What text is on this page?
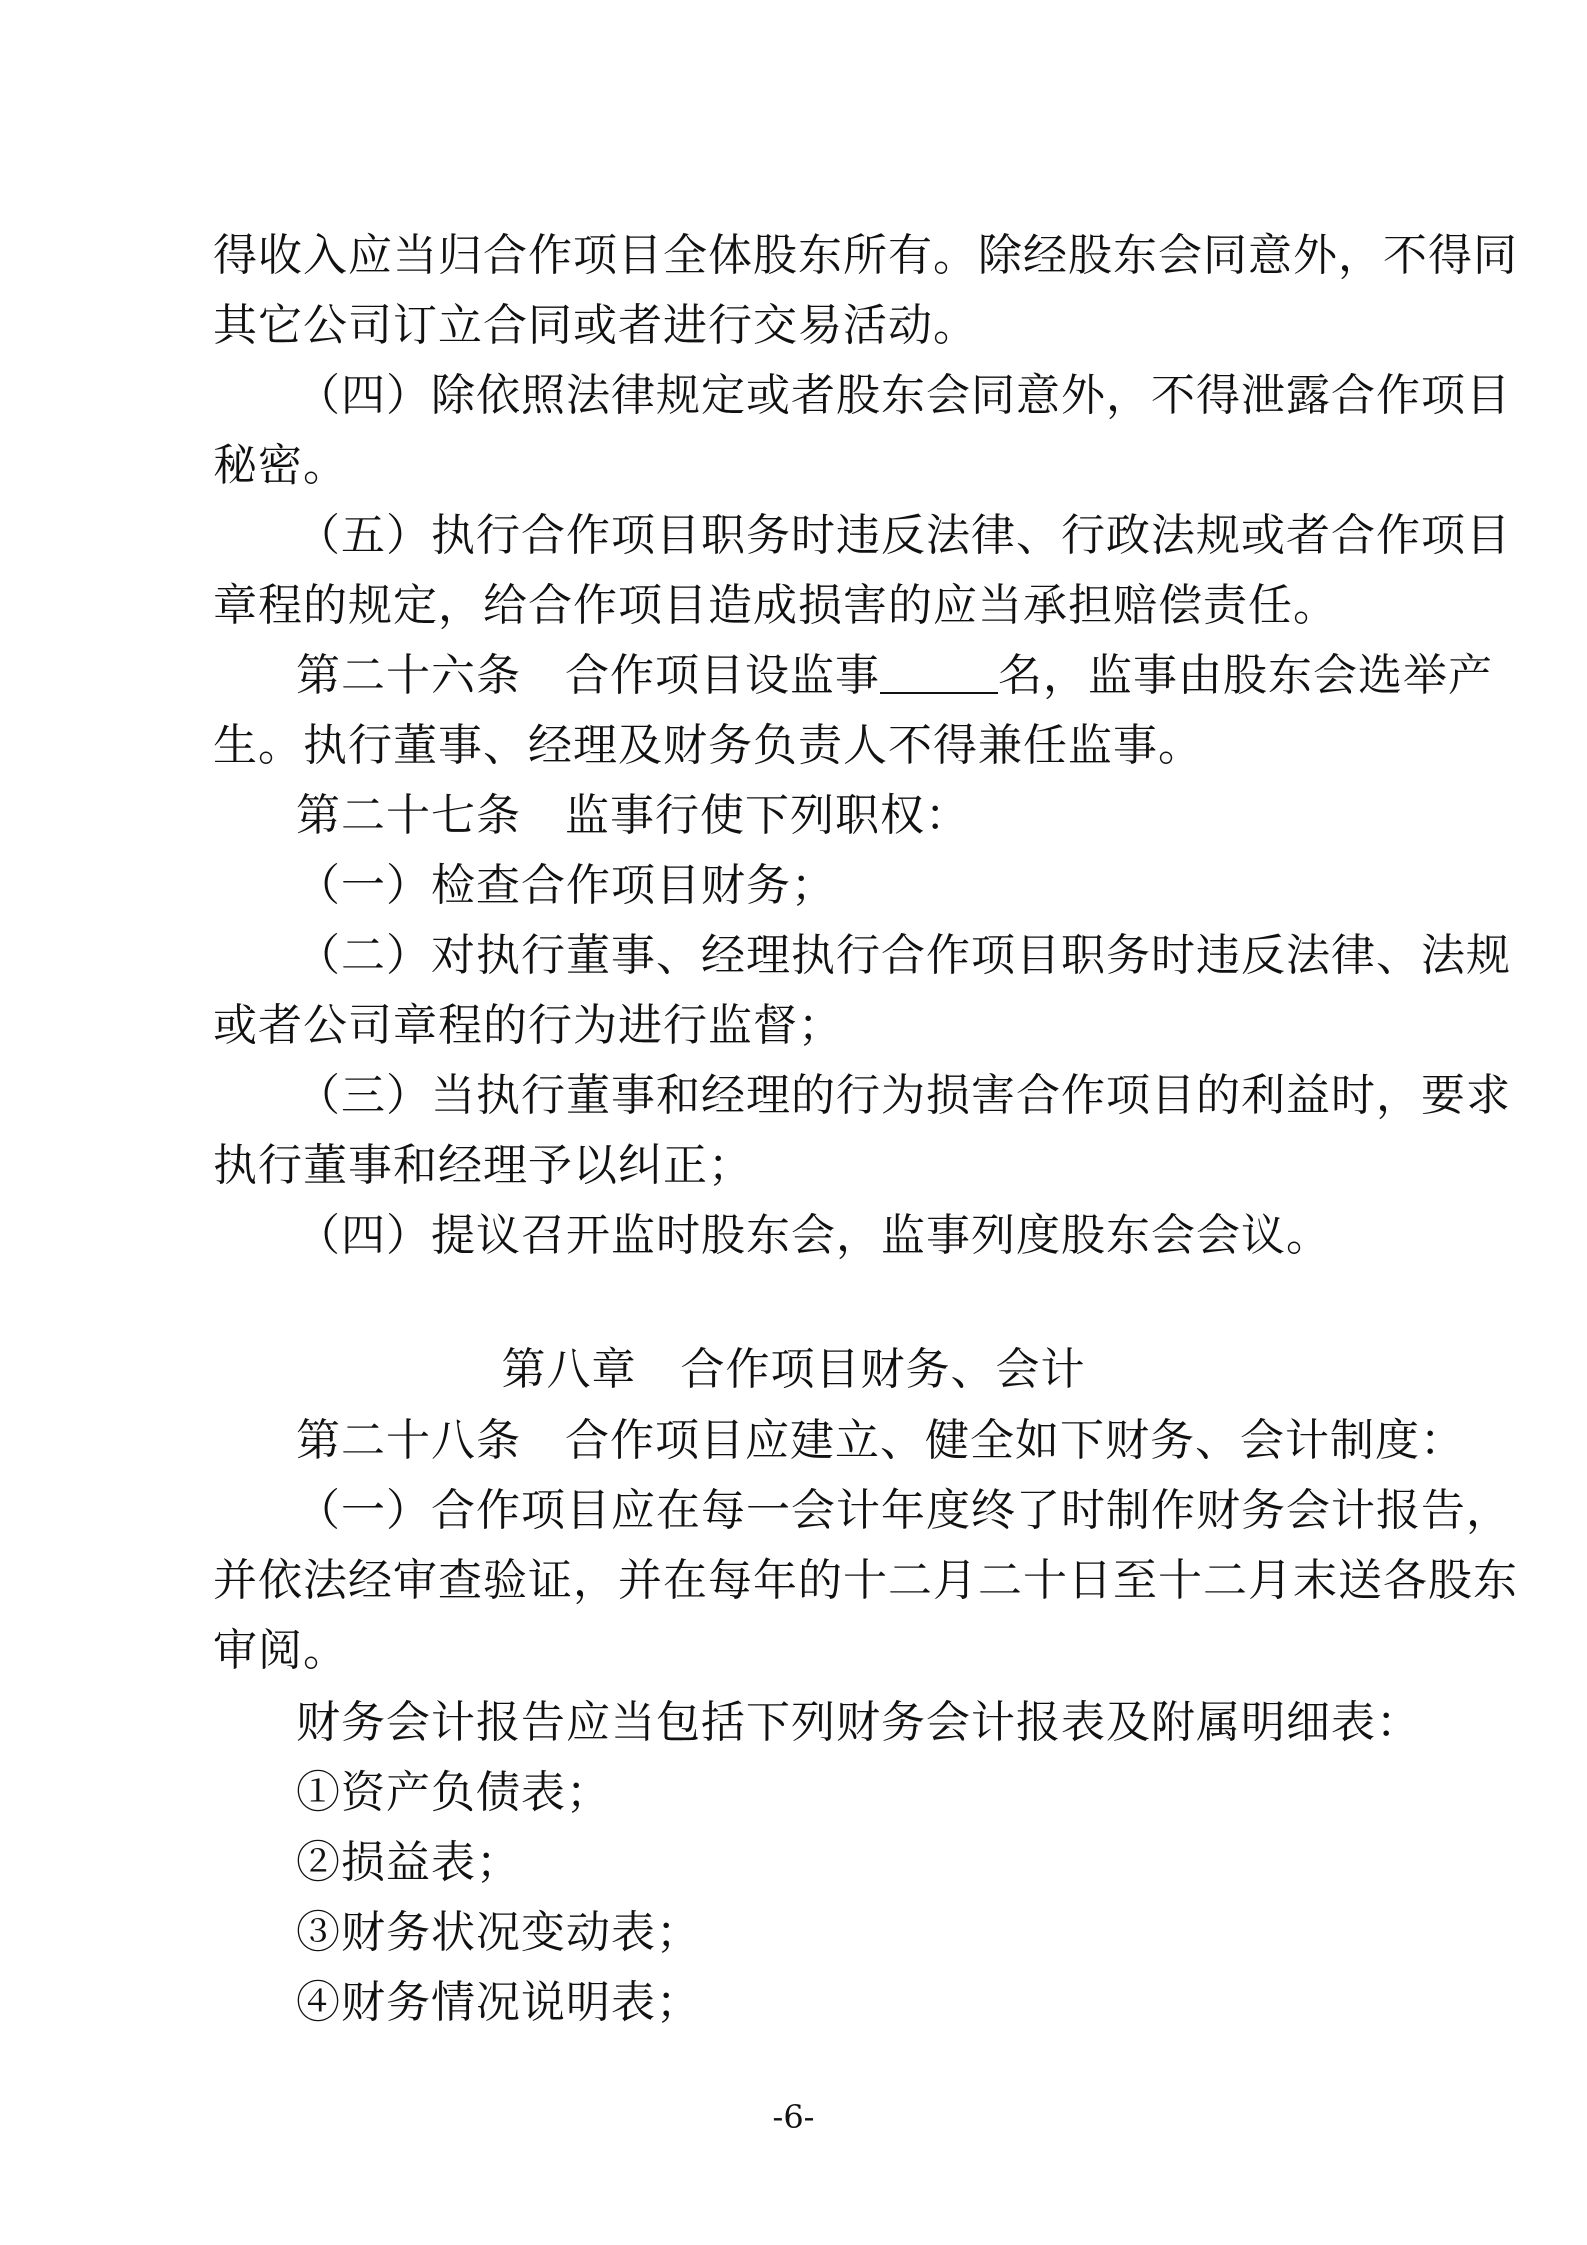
得收入应当归合作项目全体股东所有。除经股东会同意外，不得同
其它公司订立合同或者进行交易活动。
（四）除依照法律规定或者股东会同意外，不得泄露合作项目
秘密。
（五）执行合作项目职务时违反法律、行政法规或者合作项目
章程的规定，给合作项目造成损害的应当承担赔偿责任。
第二十六条 合作项目设监事	名，监事由股东会选举产
生。执行董事、经理及财务负责人不得兼任监事。
第二十七条 监事行使下列职权：
（一）检查合作项目财务；
（二）对执行董事、经理执行合作项目职务时违反法律、法规
或者公司章程的行为进行监督；
（三）当执行董事和经理的行为损害合作项目的利益时，要求
执行董事和经理予以纠正；
（四）提议召开监时股东会，监事列度股东会会议。
第八章 合作项目财务、会计
第二十八条 合作项目应建立、健全如下财务、会计制度：
（一）合作项目应在每一会计年度终了时制作财务会计报告，
并依法经审查验证，并在每年的十二月二十日至十二月末送各股东
审阅。
财务会计报告应当包括下列财务会计报表及附属明细表：
①资产负债表；
②损益表；
③财务状况变动表；
④财务情况说明表；
-6-
